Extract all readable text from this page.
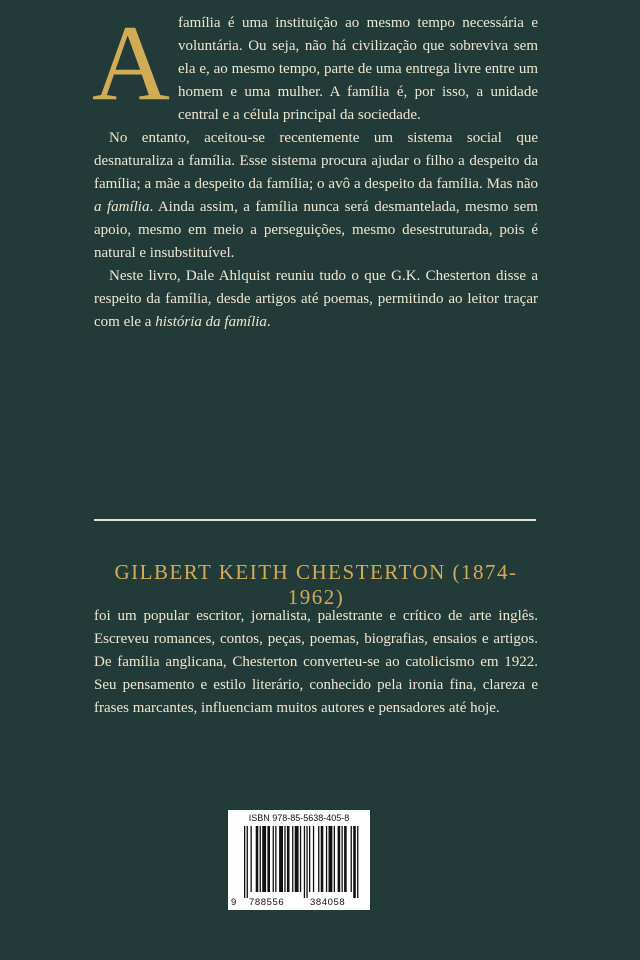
Afamília é uma instituição ao mesmo tempo necessária e voluntária. Ou seja, não há civilização que sobreviva sem ela e, ao mesmo tempo, parte de uma entrega livre entre um homem e uma mulher. A família é, por isso, a unidade central e a célula principal da sociedade.

No entanto, aceitou-se recentemente um sistema social que desnaturaliza a família. Esse sistema procura ajudar o filho a despeito da família; a mãe a despeito da família; o avô a despeito da família. Mas não a família. Ainda assim, a família nunca será desmantelada, mesmo sem apoio, mesmo em meio a perseguições, mesmo desestruturada, pois é natural e insubstituível.

Neste livro, Dale Ahlquist reuniu tudo o que G.K. Chesterton disse a respeito da família, desde artigos até poemas, permitindo ao leitor traçar com ele a história da família.

GILBERT KEITH CHESTERTON (1874-1962)

foi um popular escritor, jornalista, palestrante e crítico de arte inglês. Escreveu romances, contos, peças, poemas, biografias, ensaios e artigos. De família anglicana, Chesterton converteu-se ao catolicismo em 1922. Seu pensamento e estilo literário, conhecido pela ironia fina, clareza e frases marcantes, influenciam muitos autores e pensadores até hoje.

ISBN 978-85-5638-405-8
9 788556	384058
